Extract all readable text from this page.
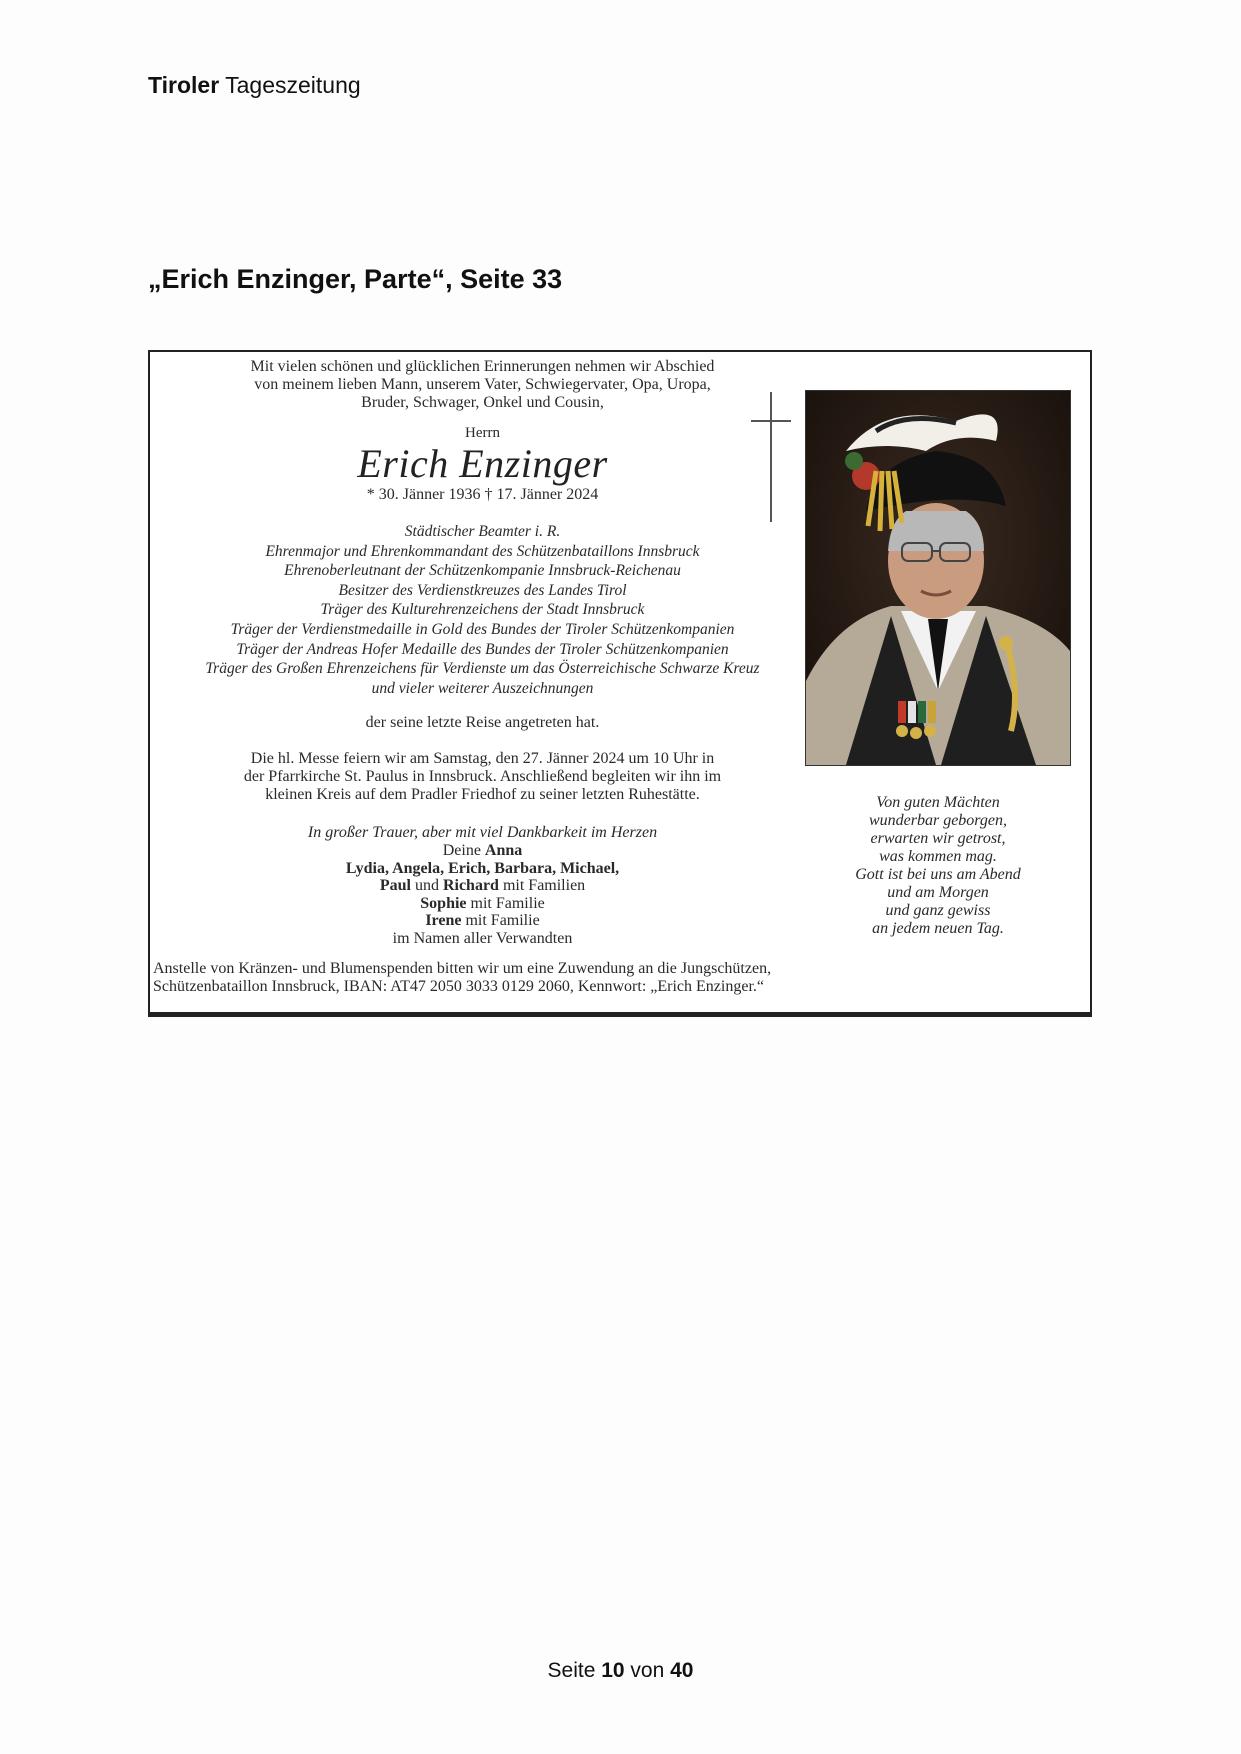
Tiroler Tageszeitung

„Erich Enzinger, Parte“, Seite 33
Mit vielen schönen und glücklichen Erinnerungen nehmen wir Abschied
von meinem lieben Mann, unserem Vater, Schwiegervater, Opa, Uropa,
Bruder, Schwager, Onkel und Cousin,
Herrn
Erich Enzinger
* 30. Jänner 1936 † 17. Jänner 2024
Städtischer Beamter i. R.
Ehrenmajor und Ehrenkommandant des Schützenbataillons Innsbruck
Ehrenoberleutnant der Schützenkompanie Innsbruck-Reichenau
Besitzer des Verdienstkreuzes des Landes Tirol
Träger des Kulturehrenzeichens der Stadt Innsbruck
Träger der Verdienstmedaille in Gold des Bundes der Tiroler Schützenkompanien
Träger der Andreas Hofer Medaille des Bundes der Tiroler Schützenkompanien
Träger des Großen Ehrenzeichens für Verdienste um das Österreichische Schwarze Kreuz
und vieler weiterer Auszeichnungen
der seine letzte Reise angetreten hat.
Die hl. Messe feiern wir am Samstag, den 27. Jänner 2024 um 10 Uhr in
der Pfarrkirche St. Paulus in Innsbruck. Anschließend begleiten wir ihn im
kleinen Kreis auf dem Pradler Friedhof zu seiner letzten Ruhestätte.
In großer Trauer, aber mit viel Dankbarkeit im Herzen
Deine Anna
Lydia, Angela, Erich, Barbara, Michael,
Paul und Richard mit Familien
Sophie mit Familie
Irene mit Familie
im Namen aller Verwandten
Anstelle von Kränzen- und Blumenspenden bitten wir um eine Zuwendung an die Jungschützen,
Schützenbataillon Innsbruck, IBAN: AT47 2050 3033 0129 2060, Kennwort: „Erich Enzinger.“
Von guten Mächten
wunderbar geborgen,
erwarten wir getrost,
was kommen mag.
Gott ist bei uns am Abend
und am Morgen
und ganz gewiss
an jedem neuen Tag.

Seite 10 von 40
